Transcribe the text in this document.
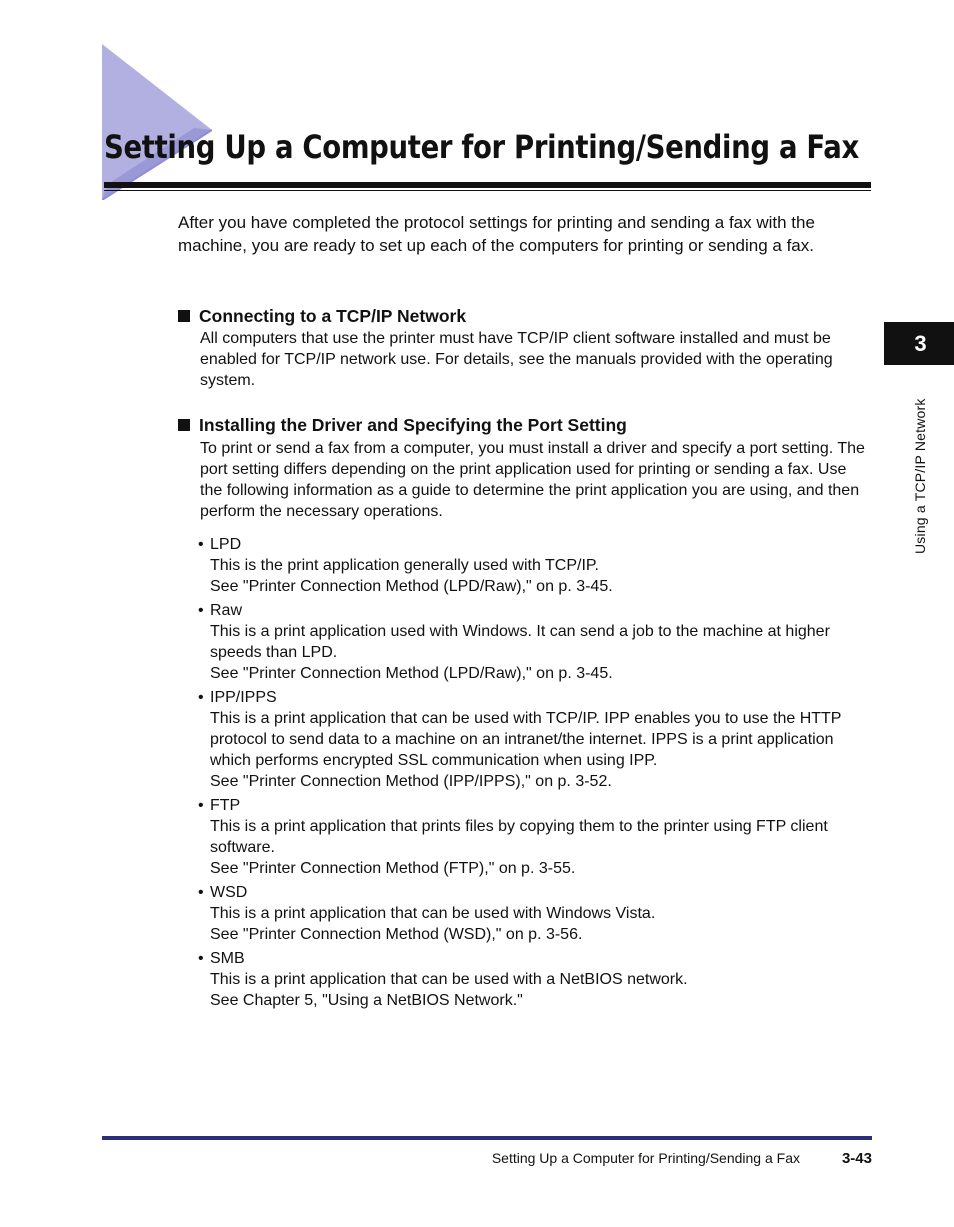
Setting Up a Computer for Printing/Sending a Fax

After you have completed the protocol settings for printing and sending a fax with the machine, you are ready to set up each of the computers for printing or sending a fax.

Connecting to a TCP/IP Network

All computers that use the printer must have TCP/IP client software installed and must be enabled for TCP/IP network use. For details, see the manuals provided with the operating system.

Installing the Driver and Specifying the Port Setting

To print or send a fax from a computer, you must install a driver and specify a port setting. The port setting differs depending on the print application used for printing or sending a fax. Use the following information as a guide to determine the print application you are using, and then perform the necessary operations.

• LPD
This is the print application generally used with TCP/IP.
See "Printer Connection Method (LPD/Raw)," on p. 3-45.
• Raw
This is a print application used with Windows. It can send a job to the machine at higher speeds than LPD.
See "Printer Connection Method (LPD/Raw)," on p. 3-45.
• IPP/IPPS
This is a print application that can be used with TCP/IP. IPP enables you to use the HTTP protocol to send data to a machine on an intranet/the internet. IPPS is a print application which performs encrypted SSL communication when using IPP.
See "Printer Connection Method (IPP/IPPS)," on p. 3-52.
• FTP
This is a print application that prints files by copying them to the printer using FTP client software.
See "Printer Connection Method (FTP)," on p. 3-55.
• WSD
This is a print application that can be used with Windows Vista.
See "Printer Connection Method (WSD)," on p. 3-56.
• SMB
This is a print application that can be used with a NetBIOS network.
See Chapter 5, "Using a NetBIOS Network."
3
Using a TCP/IP Network
Setting Up a Computer for Printing/Sending a Fax	3-43
